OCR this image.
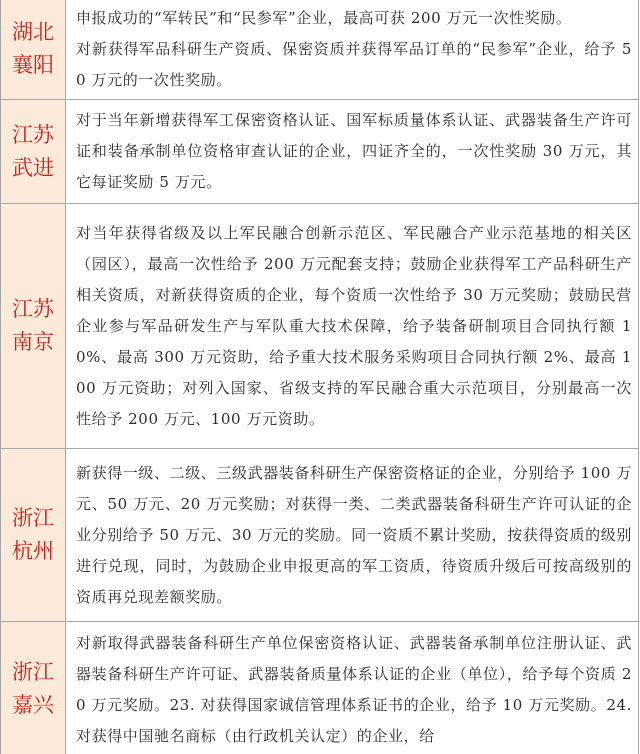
湖北襄阳	申报成功的“军转民”和“民参军”企业，最高可获 200 万元一次性奖励。

对新获得军品科研生产资质、保密资质并获得军品订单的“民参军”企业，给予 50 万元的一次性奖励。

江苏武进	对于当年新增获得军工保密资格认证、国军标质量体系认证、武器装备生产许可证和装备承制单位资格审查认证的企业，四证齐全的，一次性奖励 30 万元，其它每证奖励 5 万元。

江苏南京	对当年获得省级及以上军民融合创新示范区、军民融合产业示范基地的相关区（园区），最高一次性给予 200 万元配套支持；鼓励企业获得军工产品科研生产相关资质，对新获得资质的企业，每个资质一次性给予 30 万元奖励；鼓励民营企业参与军品研发生产与军队重大技术保障，给予装备研制项目合同执行额 10%、最高 300 万元资助，给予重大技术服务采购项目合同执行额 2%、最高 100 万元资助；对列入国家、省级支持的军民融合重大示范项目，分别最高一次性给予 200 万元、100 万元资助。

浙江杭州	新获得一级、二级、三级武器装备科研生产保密资格证的企业，分别给予 100 万元、50 万元、20 万元奖励；对获得一类、二类武器装备科研生产许可认证的企业分别给予 50 万元、30 万元的奖励。同一资质不累计奖励，按获得资质的级别进行兑现，同时，为鼓励企业申报更高的军工资质，待资质升级后可按高级别的资质再兑现差额奖励。

浙江嘉兴	对新取得武器装备科研生产单位保密资格认证、武器装备承制单位注册认证、武器装备科研生产许可证、武器装备质量体系认证的企业（单位），给予每个资质 20 万元奖励。23. 对获得国家诚信管理体系证书的企业，给予 10 万元奖励。24. 对获得中国驰名商标（由行政机关认定）的企业，给
